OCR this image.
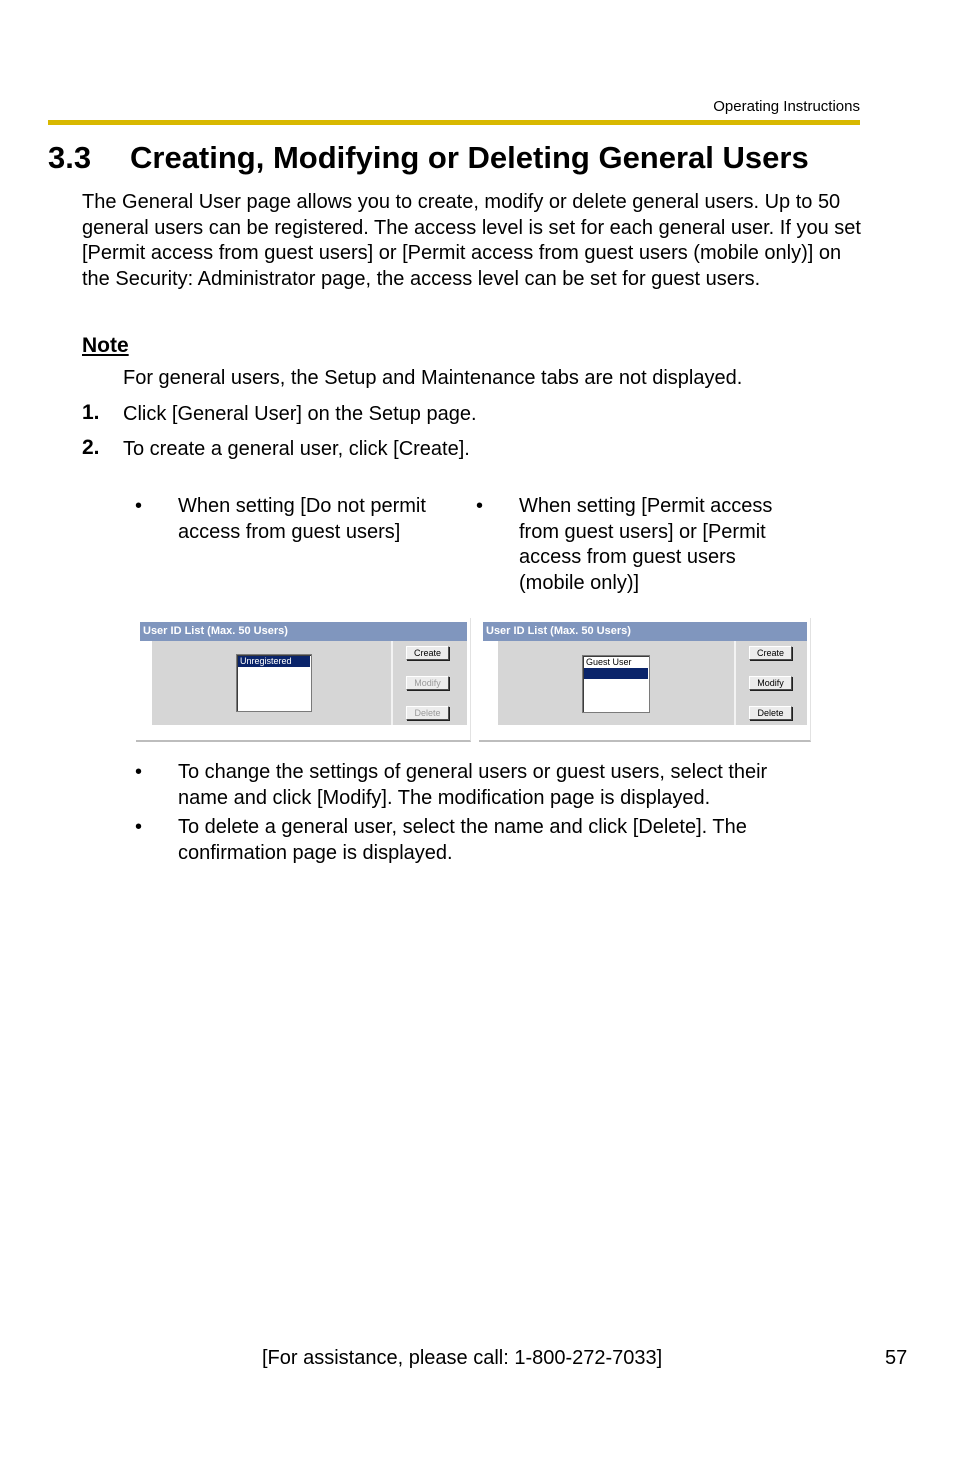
Operating Instructions
3.3 Creating, Modifying or Deleting General Users
The General User page allows you to create, modify or delete general users. Up to 50 general users can be registered. The access level is set for each general user. If you set [Permit access from guest users] or [Permit access from guest users (mobile only)] on the Security: Administrator page, the access level can be set for guest users.
Note
For general users, the Setup and Maintenance tabs are not displayed.
1. Click [General User] on the Setup page.
2. To create a general user, click [Create].
• When setting [Do not permit
access from guest users]
• When setting [Permit access
from guest users] or [Permit
access from guest users
(mobile only)]
User ID List (Max. 50 Users)
Unregistered
Create
Modify
Delete
User ID List (Max. 50 Users)
Guest User
Create
Modify
Delete
• To change the settings of general users or guest users, select their
name and click [Modify]. The modification page is displayed.
• To delete a general user, select the name and click [Delete]. The
confirmation page is displayed.
[For assistance, please call: 1-800-272-7033]	57
